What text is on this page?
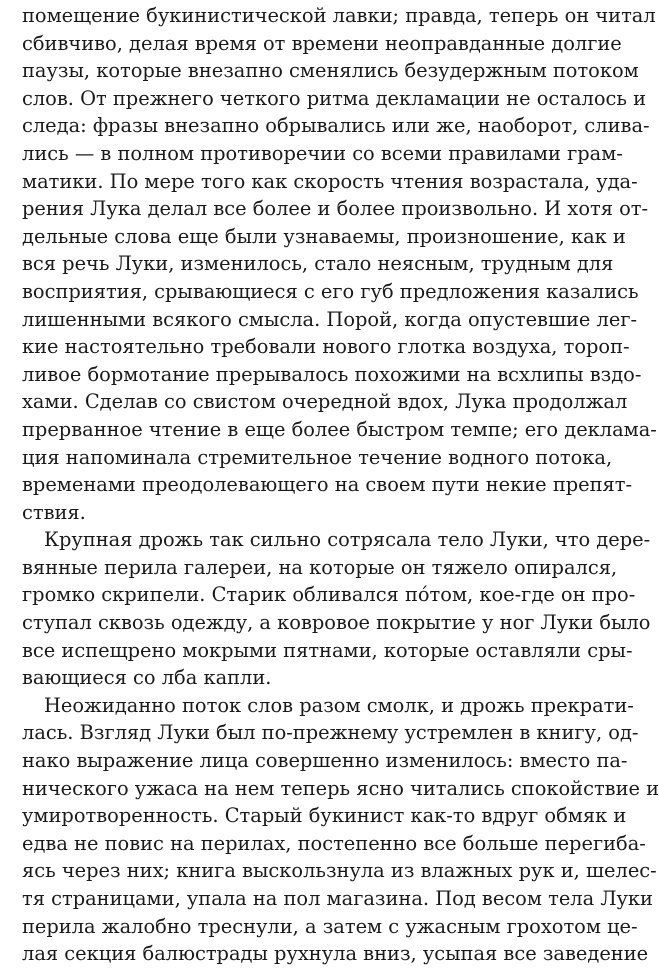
помещение букинистической лавки; правда, теперь он читал
сбивчиво, делая время от времени неоправданные долгие
паузы, которые внезапно сменялись безудержным потоком
слов. От прежнего четкого ритма декламации не осталось и
следа: фразы внезапно обрывались или же, наоборот, слива-
лись — в полном противоречии со всеми правилами грам-
матики. По мере того как скорость чтения возрастала, уда-
рения Лука делал все более и более произвольно. И хотя от-
дельные слова еще были узнаваемы, произношение, как и
вся речь Луки, изменилось, стало неясным, трудным для
восприятия, срывающиеся с его губ предложения казались
лишенными всякого смысла. Порой, когда опустевшие лег-
кие настоятельно требовали нового глотка воздуха, тороп-
ливое бормотание прерывалось похожими на всхлипы вздо-
хами. Сделав со свистом очередной вдох, Лука продолжал
прерванное чтение в еще более быстром темпе; его деклама-
ция напоминала стремительное течение водного потока,
временами преодолевающего на своем пути некие препят-
ствия.
Крупная дрожь так сильно сотрясала тело Луки, что дере-
вянные перила галереи, на которые он тяжело опирался,
громко скрипели. Старик обливался по́том, кое-где он про-
ступал сквозь одежду, а ковровое покрытие у ног Луки было
все испещрено мокрыми пятнами, которые оставляли сры-
вающиеся со лба капли.
Неожиданно поток слов разом смолк, и дрожь прекрати-
лась. Взгляд Луки был по-прежнему устремлен в книгу, од-
нако выражение лица совершенно изменилось: вместо па-
нического ужаса на нем теперь ясно читались спокойствие и
умиротворенность. Старый букинист как-то вдруг обмяк и
едва не повис на перилах, постепенно все больше перегиба-
ясь через них; книга выскользнула из влажных рук и, шелес-
тя страницами, упала на пол магазина. Под весом тела Луки
перила жалобно треснули, а затем с ужасным грохотом це-
лая секция балюстрады рухнула вниз, усыпая все заведение
